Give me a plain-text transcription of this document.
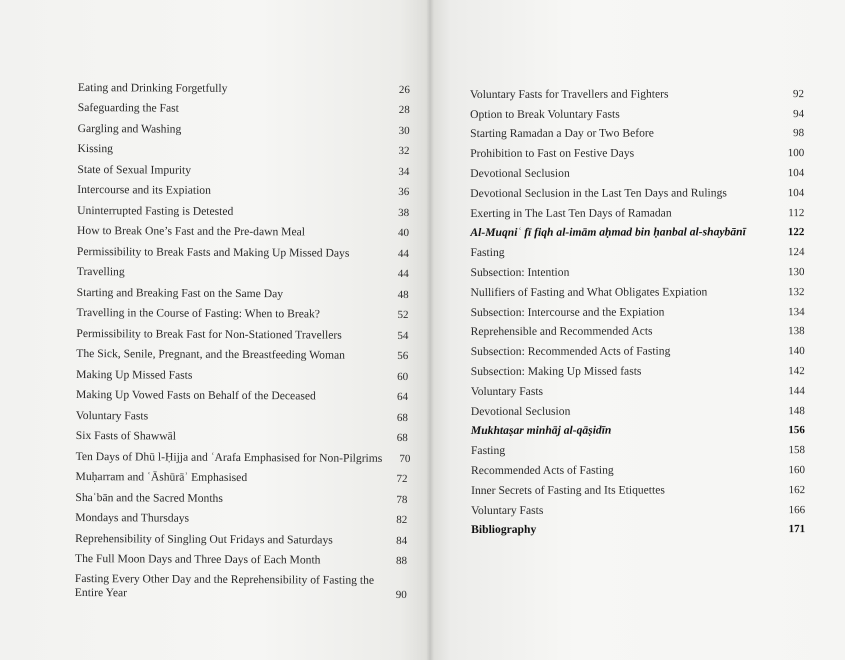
Eating and Drinking Forgetfully	26
Safeguarding the Fast	28
Gargling and Washing	30
Kissing	32
State of Sexual Impurity	34
Intercourse and its Expiation	36
Uninterrupted Fasting is Detested	38
How to Break One’s Fast and the Pre-dawn Meal	40
Permissibility to Break Fasts and Making Up Missed Days	44
Travelling	44
Starting and Breaking Fast on the Same Day	48
Travelling in the Course of Fasting: When to Break?	52
Permissibility to Break Fast for Non-Stationed Travellers	54
The Sick, Senile, Pregnant, and the Breastfeeding Woman	56
Making Up Missed Fasts	60
Making Up Vowed Fasts on Behalf of the Deceased	64
Voluntary Fasts	68
Six Fasts of Shawwāl	68
Ten Days of Dhū l-Ḥijja and ʿArafa Emphasised for Non-Pilgrims	70
Muḥarram and ʿĀshūrāʾ Emphasised	72
Shaʿbān and the Sacred Months	78
Mondays and Thursdays	82
Reprehensibility of Singling Out Fridays and Saturdays	84
The Full Moon Days and Three Days of Each Month	88
Fasting Every Other Day and the Reprehensibility of Fasting the Entire Year	90
Voluntary Fasts for Travellers and Fighters	92
Option to Break Voluntary Fasts	94
Starting Ramadan a Day or Two Before	98
Prohibition to Fast on Festive Days	100
Devotional Seclusion	104
Devotional Seclusion in the Last Ten Days and Rulings	104
Exerting in The Last Ten Days of Ramadan	112
Al-Muqniʿ fī fiqh al-imām aḥmad bin ḥanbal al-shaybānī	122
Fasting	124
Subsection: Intention	130
Nullifiers of Fasting and What Obligates Expiation	132
Subsection: Intercourse and the Expiation	134
Reprehensible and Recommended Acts	138
Subsection: Recommended Acts of Fasting	140
Subsection: Making Up Missed fasts	142
Voluntary Fasts	144
Devotional Seclusion	148
Mukhtaṣar minhāj al-qāṣidīn	156
Fasting	158
Recommended Acts of Fasting	160
Inner Secrets of Fasting and Its Etiquettes	162
Voluntary Fasts	166
Bibliography	171
